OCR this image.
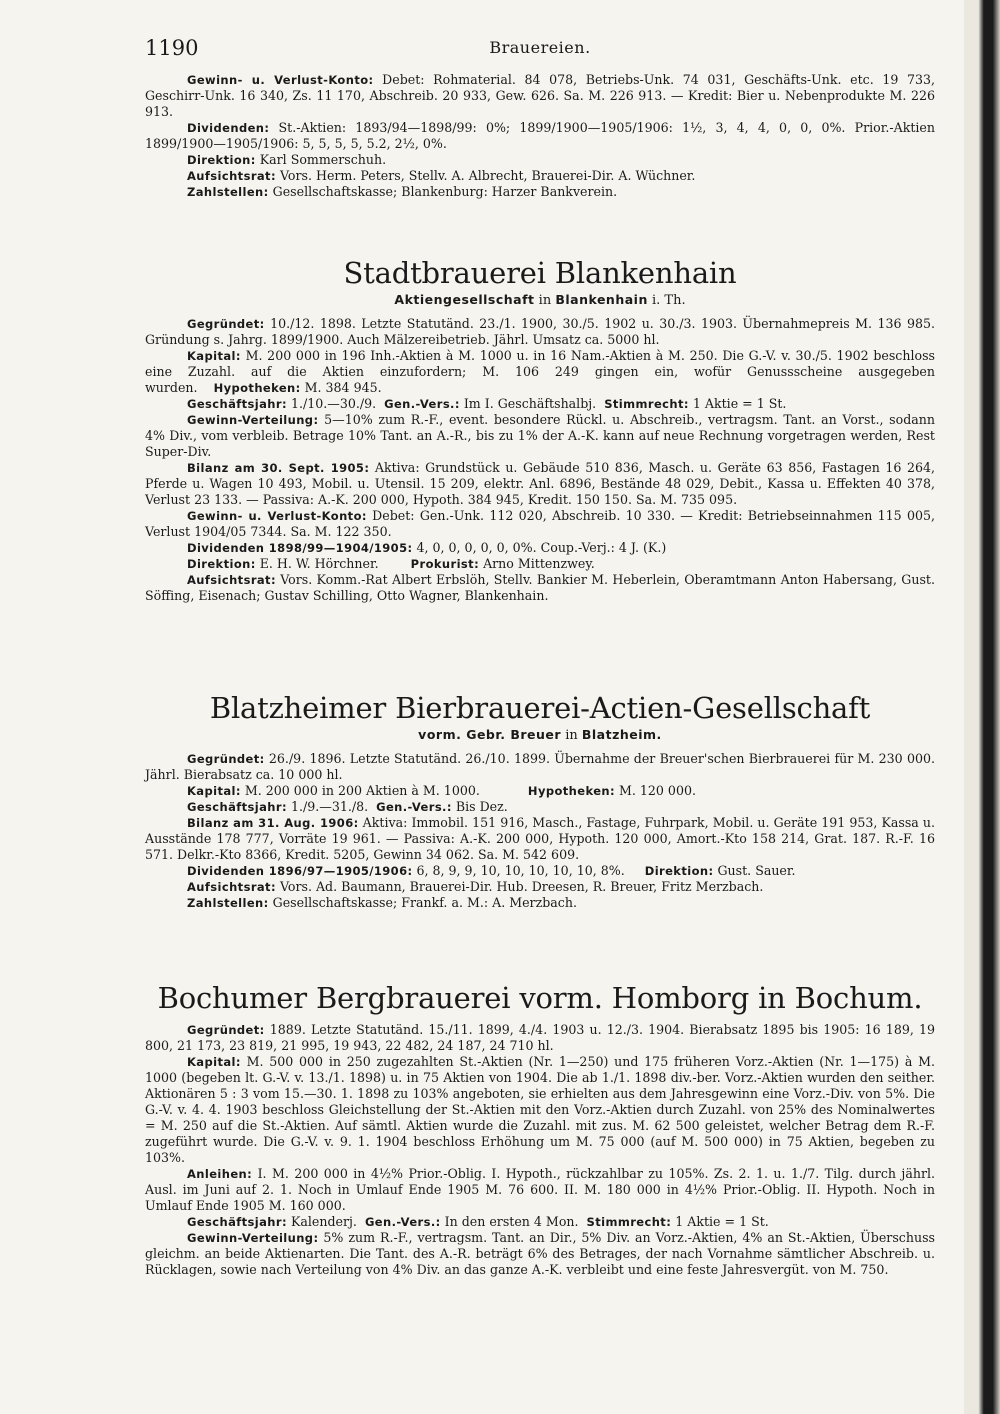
1190	Brauereien.

Gewinn- u. Verlust-Konto: Debet: Rohmaterial. 84 078, Betriebs-Unk. 74 031, Geschäfts-Unk. etc. 19 733, Geschirr-Unk. 16 340, Zs. 11 170, Abschreib. 20 933, Gew. 626. Sa. M. 226 913. — Kredit: Bier u. Nebenprodukte M. 226 913.

Dividenden: St.-Aktien: 1893/94—1898/99: 0%; 1899/1900—1905/1906: 1½, 3, 4, 4, 0, 0, 0%. Prior.-Aktien 1899/1900—1905/1906: 5, 5, 5, 5, 5.2, 2½, 0%.

Direktion: Karl Sommerschuh.

Aufsichtsrat: Vors. Herm. Peters, Stellv. A. Albrecht, Brauerei-Dir. A. Wüchner.

Zahlstellen: Gesellschaftskasse; Blankenburg: Harzer Bankverein.

Stadtbrauerei Blankenhain

Aktiengesellschaft in Blankenhain i. Th.

Gegründet: 10./12. 1898. Letzte Statutänd. 23./1. 1900, 30./5. 1902 u. 30./3. 1903. Übernahmepreis M. 136 985. Gründung s. Jahrg. 1899/1900. Auch Mälzereibetrieb. Jährl. Umsatz ca. 5000 hl.

Kapital: M. 200 000 in 196 Inh.-Aktien à M. 1000 u. in 16 Nam.-Aktien à M. 250. Die G.-V. v. 30./5. 1902 beschloss eine Zuzahl. auf die Aktien einzufordern; M. 106 249 gingen ein, wofür Genussscheine ausgegeben wurden. Hypotheken: M. 384 945.

Geschäftsjahr: 1./10.—30./9. Gen.-Vers.: Im I. Geschäftshalbj. Stimmrecht: 1 Aktie = 1 St.

Gewinn-Verteilung: 5—10% zum R.-F., event. besondere Rückl. u. Abschreib., vertragsm. Tant. an Vorst., sodann 4% Div., vom verbleib. Betrage 10% Tant. an A.-R., bis zu 1% der A.-K. kann auf neue Rechnung vorgetragen werden, Rest Super-Div.

Bilanz am 30. Sept. 1905: Aktiva: Grundstück u. Gebäude 510 836, Masch. u. Geräte 63 856, Fastagen 16 264, Pferde u. Wagen 10 493, Mobil. u. Utensil. 15 209, elektr. Anl. 6896, Bestände 48 029, Debit., Kassa u. Effekten 40 378, Verlust 23 133. — Passiva: A.-K. 200 000, Hypoth. 384 945, Kredit. 150 150. Sa. M. 735 095.

Gewinn- u. Verlust-Konto: Debet: Gen.-Unk. 112 020, Abschreib. 10 330. — Kredit: Betriebseinnahmen 115 005, Verlust 1904/05 7344. Sa. M. 122 350.

Dividenden 1898/99—1904/1905: 4, 0, 0, 0, 0, 0, 0%. Coup.-Verj.: 4 J. (K.)

Direktion: E. H. W. Hörchner.	Prokurist: Arno Mittenzwey.

Aufsichtsrat: Vors. Komm.-Rat Albert Erbslöh, Stellv. Bankier M. Heberlein, Oberamtmann Anton Habersang, Gust. Söffing, Eisenach; Gustav Schilling, Otto Wagner, Blankenhain.

Blatzheimer Bierbrauerei-Actien-Gesellschaft

vorm. Gebr. Breuer in Blatzheim.

Gegründet: 26./9. 1896. Letzte Statutänd. 26./10. 1899. Übernahme der Breuer'schen Bierbrauerei für M. 230 000. Jährl. Bierabsatz ca. 10 000 hl.

Kapital: M. 200 000 in 200 Aktien à M. 1000.	Hypotheken: M. 120 000.

Geschäftsjahr: 1./9.—31./8. Gen.-Vers.: Bis Dez.

Bilanz am 31. Aug. 1906: Aktiva: Immobil. 151 916, Masch., Fastage, Fuhrpark, Mobil. u. Geräte 191 953, Kassa u. Ausstände 178 777, Vorräte 19 961. — Passiva: A.-K. 200 000, Hypoth. 120 000, Amort.-Kto 158 214, Grat. 187. R.-F. 16 571. Delkr.-Kto 8366, Kredit. 5205, Gewinn 34 062. Sa. M. 542 609.

Dividenden 1896/97—1905/1906: 6, 8, 9, 9, 10, 10, 10, 10, 10, 8%. Direktion: Gust. Sauer.

Aufsichtsrat: Vors. Ad. Baumann, Brauerei-Dir. Hub. Dreesen, R. Breuer, Fritz Merzbach.

Zahlstellen: Gesellschaftskasse; Frankf. a. M.: A. Merzbach.

Bochumer Bergbrauerei vorm. Homborg in Bochum.

Gegründet: 1889. Letzte Statutänd. 15./11. 1899, 4./4. 1903 u. 12./3. 1904. Bierabsatz 1895 bis 1905: 16 189, 19 800, 21 173, 23 819, 21 995, 19 943, 22 482, 24 187, 24 710 hl.

Kapital: M. 500 000 in 250 zugezahlten St.-Aktien (Nr. 1—250) und 175 früheren Vorz.-Aktien (Nr. 1—175) à M. 1000 (begeben lt. G.-V. v. 13./1. 1898) u. in 75 Aktien von 1904. Die ab 1./1. 1898 div.-ber. Vorz.-Aktien wurden den seither. Aktionären 5 : 3 vom 15.—30. 1. 1898 zu 103% angeboten, sie erhielten aus dem Jahresgewinn eine Vorz.-Div. von 5%. Die G.-V. v. 4. 4. 1903 beschloss Gleichstellung der St.-Aktien mit den Vorz.-Aktien durch Zuzahl. von 25% des Nominalwertes = M. 250 auf die St.-Aktien. Auf sämtl. Aktien wurde die Zuzahl. mit zus. M. 62 500 geleistet, welcher Betrag dem R.-F. zugeführt wurde. Die G.-V. v. 9. 1. 1904 beschloss Erhöhung um M. 75 000 (auf M. 500 000) in 75 Aktien, begeben zu 103%.

Anleihen: I. M. 200 000 in 4½% Prior.-Oblig. I. Hypoth., rückzahlbar zu 105%. Zs. 2. 1. u. 1./7. Tilg. durch jährl. Ausl. im Juni auf 2. 1. Noch in Umlauf Ende 1905 M. 76 600. II. M. 180 000 in 4½% Prior.-Oblig. II. Hypoth. Noch in Umlauf Ende 1905 M. 160 000.

Geschäftsjahr: Kalenderj. Gen.-Vers.: In den ersten 4 Mon. Stimmrecht: 1 Aktie = 1 St.

Gewinn-Verteilung: 5% zum R.-F., vertragsm. Tant. an Dir., 5% Div. an Vorz.-Aktien, 4% an St.-Aktien, Überschuss gleichm. an beide Aktienarten. Die Tant. des A.-R. beträgt 6% des Betrages, der nach Vornahme sämtlicher Abschreib. u. Rücklagen, sowie nach Verteilung von 4% Div. an das ganze A.-K. verbleibt und eine feste Jahresvergüt. von M. 750.
